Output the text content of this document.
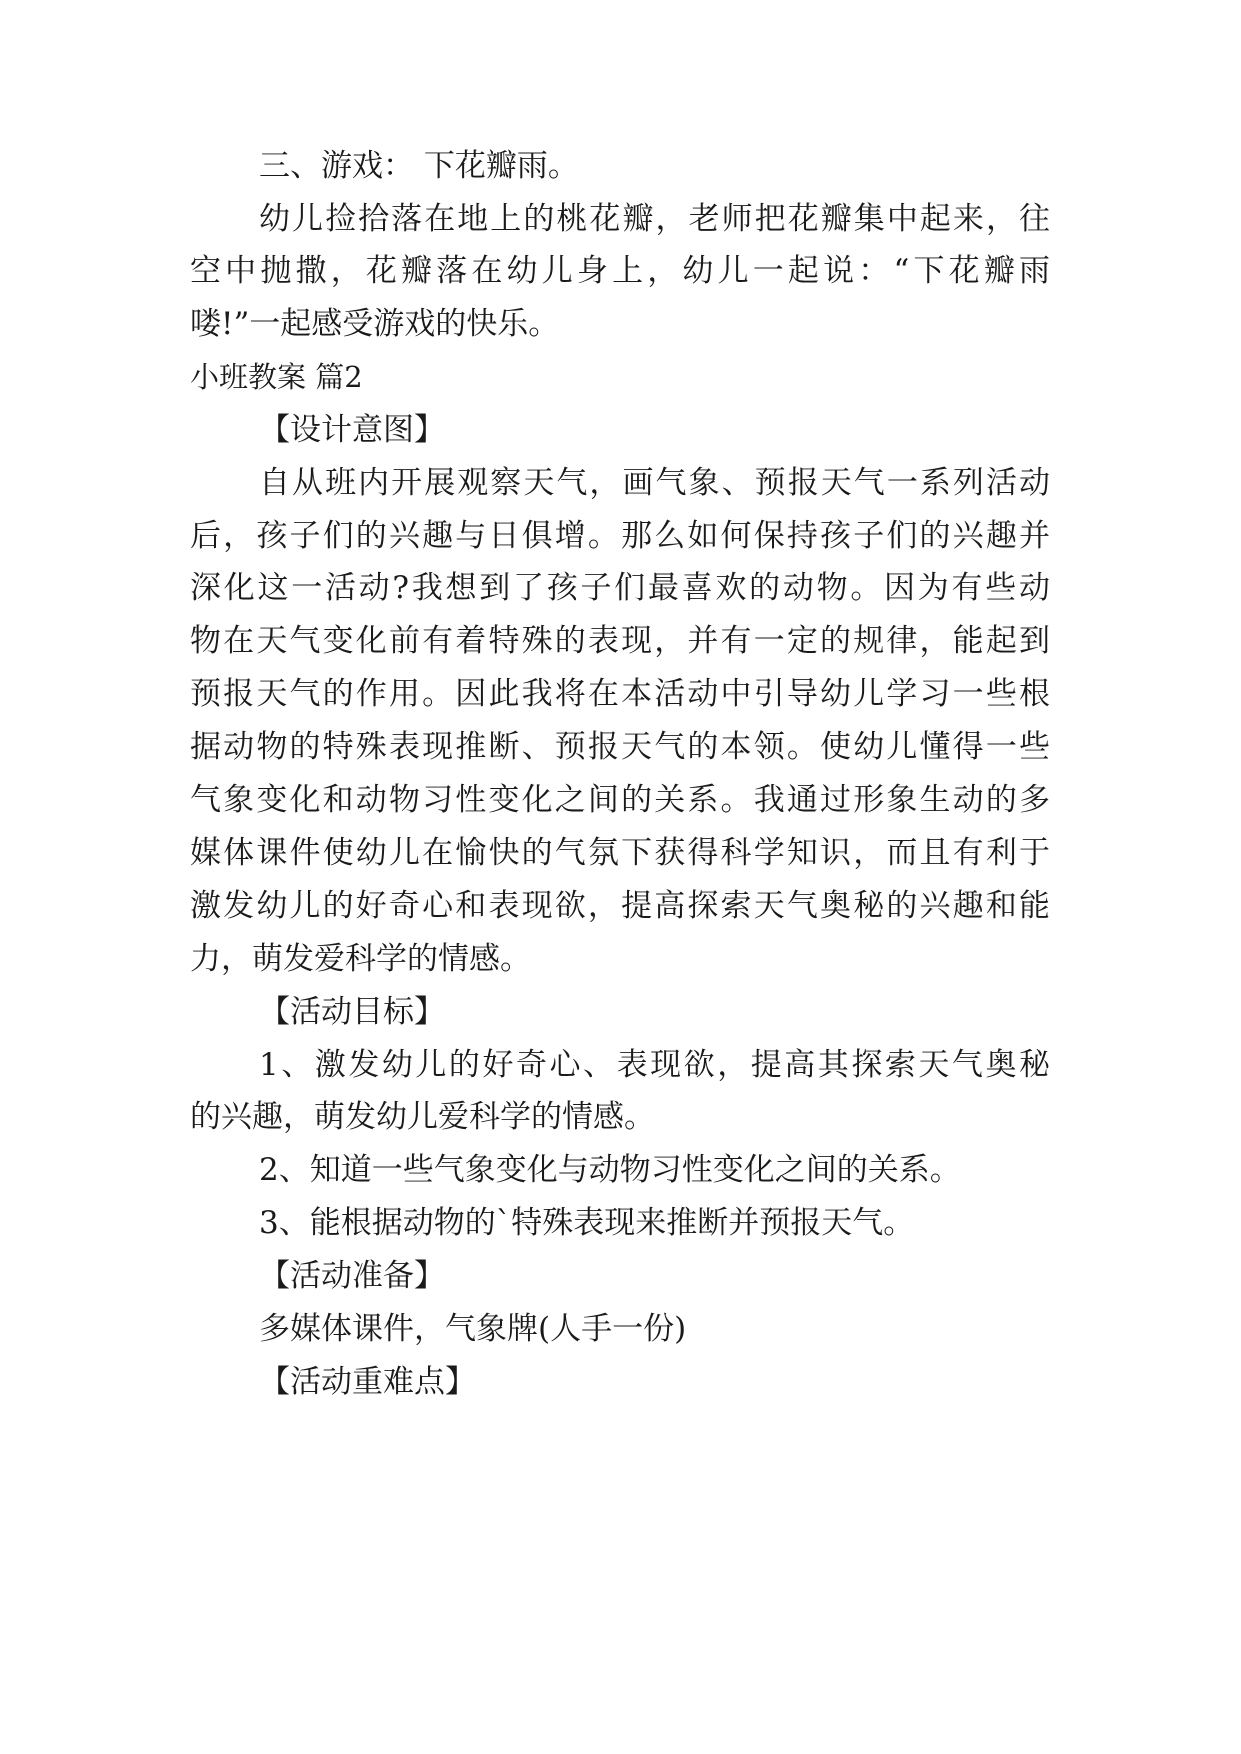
三、游戏： 下花瓣雨。
幼儿捡拾落在地上的桃花瓣，老师把花瓣集中起来，往
空中抛撒，花瓣落在幼儿身上，幼儿一起说：“下花瓣雨
喽!”一起感受游戏的快乐。
小班教案 篇2
【设计意图】
自从班内开展观察天气，画气象、预报天气一系列活动
后，孩子们的兴趣与日俱增。那么如何保持孩子们的兴趣并
深化这一活动?我想到了孩子们最喜欢的动物。因为有些动
物在天气变化前有着特殊的表现，并有一定的规律，能起到
预报天气的作用。因此我将在本活动中引导幼儿学习一些根
据动物的特殊表现推断、预报天气的本领。使幼儿懂得一些
气象变化和动物习性变化之间的关系。我通过形象生动的多
媒体课件使幼儿在愉快的气氛下获得科学知识，而且有利于
激发幼儿的好奇心和表现欲，提高探索天气奥秘的兴趣和能
力，萌发爱科学的情感。
【活动目标】
1、激发幼儿的好奇心、表现欲，提高其探索天气奥秘
的兴趣，萌发幼儿爱科学的情感。
2、知道一些气象变化与动物习性变化之间的关系。
3、能根据动物的`特殊表现来推断并预报天气。
【活动准备】
多媒体课件，气象牌(人手一份)
【活动重难点】
